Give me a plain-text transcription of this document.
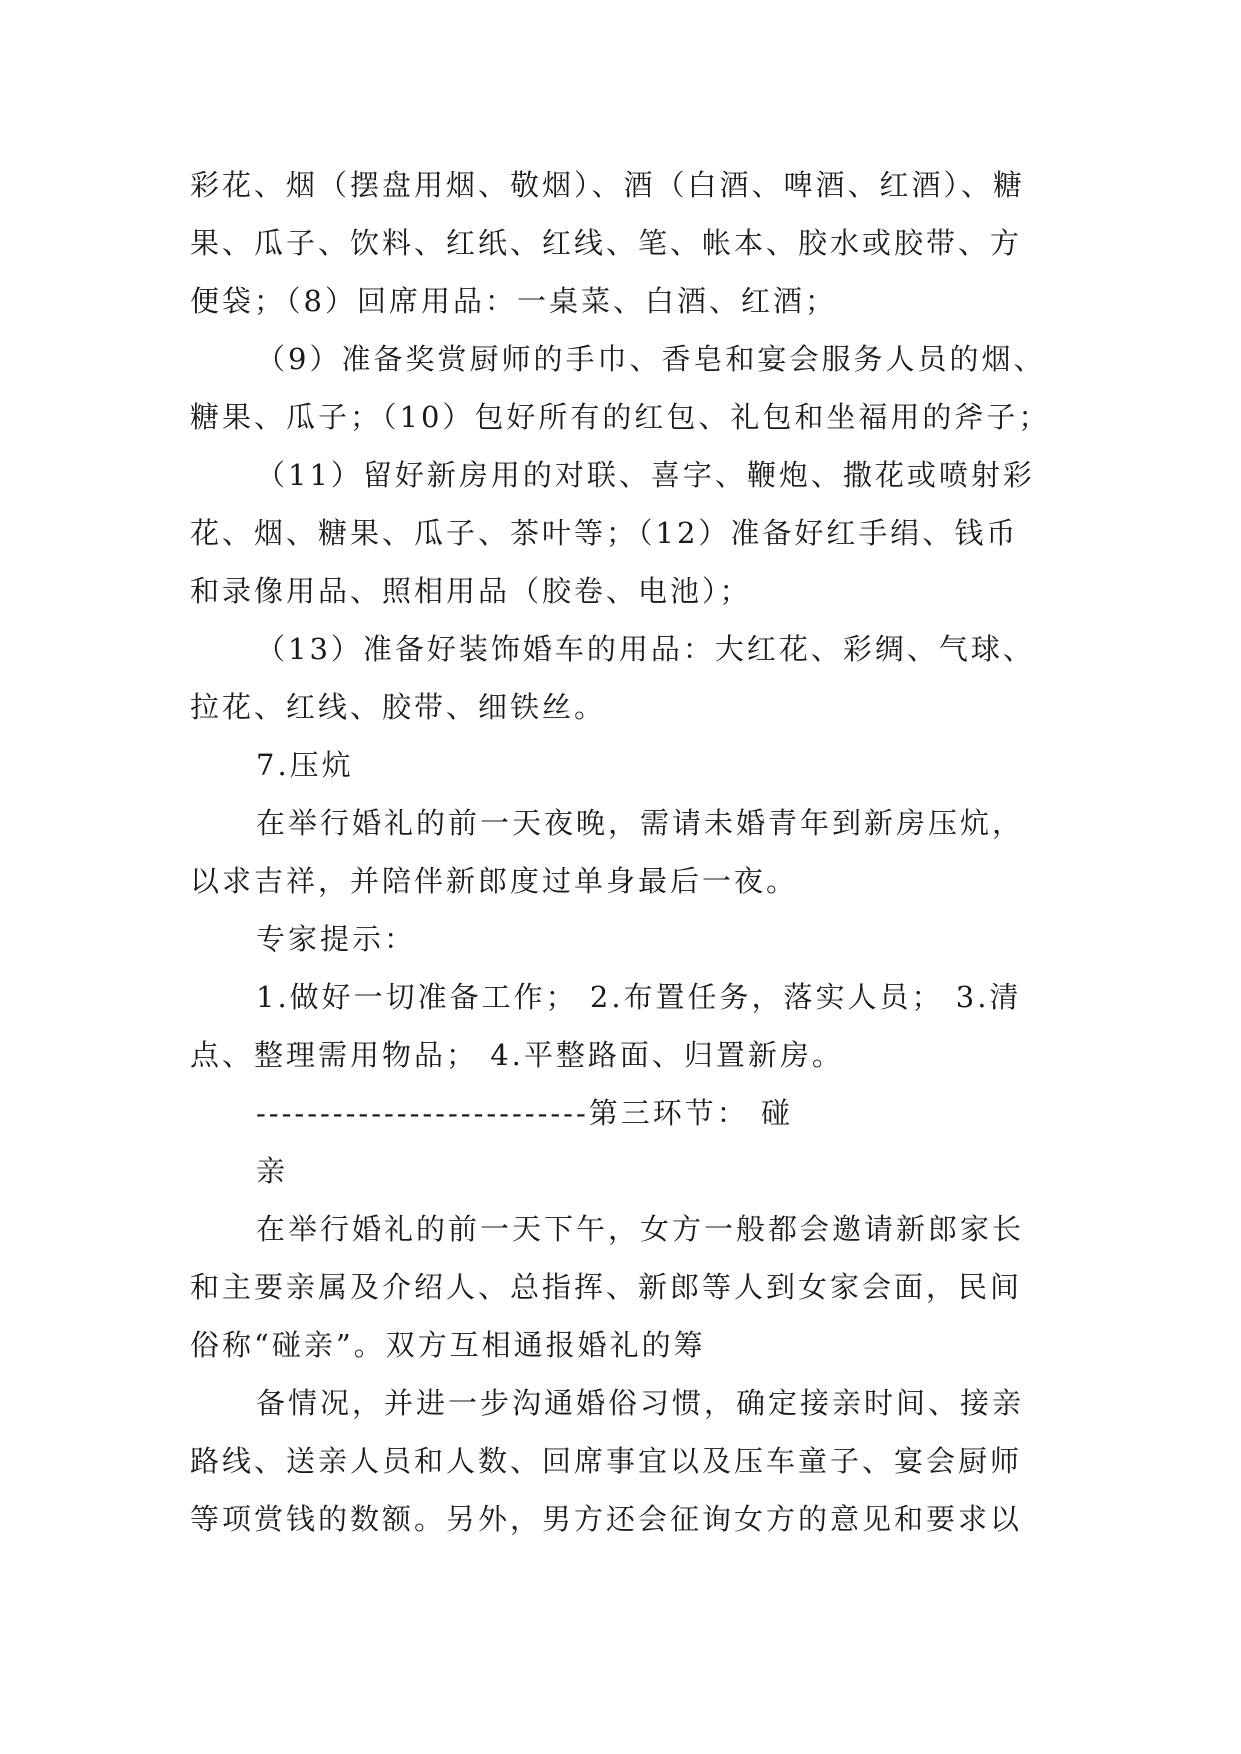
彩花、烟（摆盘用烟、敬烟）、酒（白酒、啤酒、红酒）、糖
果、瓜子、饮料、红纸、红线、笔、帐本、胶水或胶带、方
便袋；（8）回席用品：一桌菜、白酒、红酒；
（9）准备奖赏厨师的手巾、香皂和宴会服务人员的烟、
糖果、瓜子；（10）包好所有的红包、礼包和坐福用的斧子；
（11）留好新房用的对联、喜字、鞭炮、撒花或喷射彩
花、烟、糖果、瓜子、茶叶等；（12）准备好红手绢、钱币
和录像用品、照相用品（胶卷、电池）；
（13）准备好装饰婚车的用品：大红花、彩绸、气球、
拉花、红线、胶带、细铁丝。
7.压炕
在举行婚礼的前一天夜晚，需请未婚青年到新房压炕，
以求吉祥，并陪伴新郎度过单身最后一夜。
专家提示：
1.做好一切准备工作； 2.布置任务，落实人员； 3.清
点、整理需用物品； 4.平整路面、归置新房。
--------------------------第三环节： 碰
亲
在举行婚礼的前一天下午，女方一般都会邀请新郎家长
和主要亲属及介绍人、总指挥、新郎等人到女家会面，民间
俗称“碰亲”。双方互相通报婚礼的筹
备情况，并进一步沟通婚俗习惯，确定接亲时间、接亲
路线、送亲人员和人数、回席事宜以及压车童子、宴会厨师
等项赏钱的数额。另外，男方还会征询女方的意见和要求以
